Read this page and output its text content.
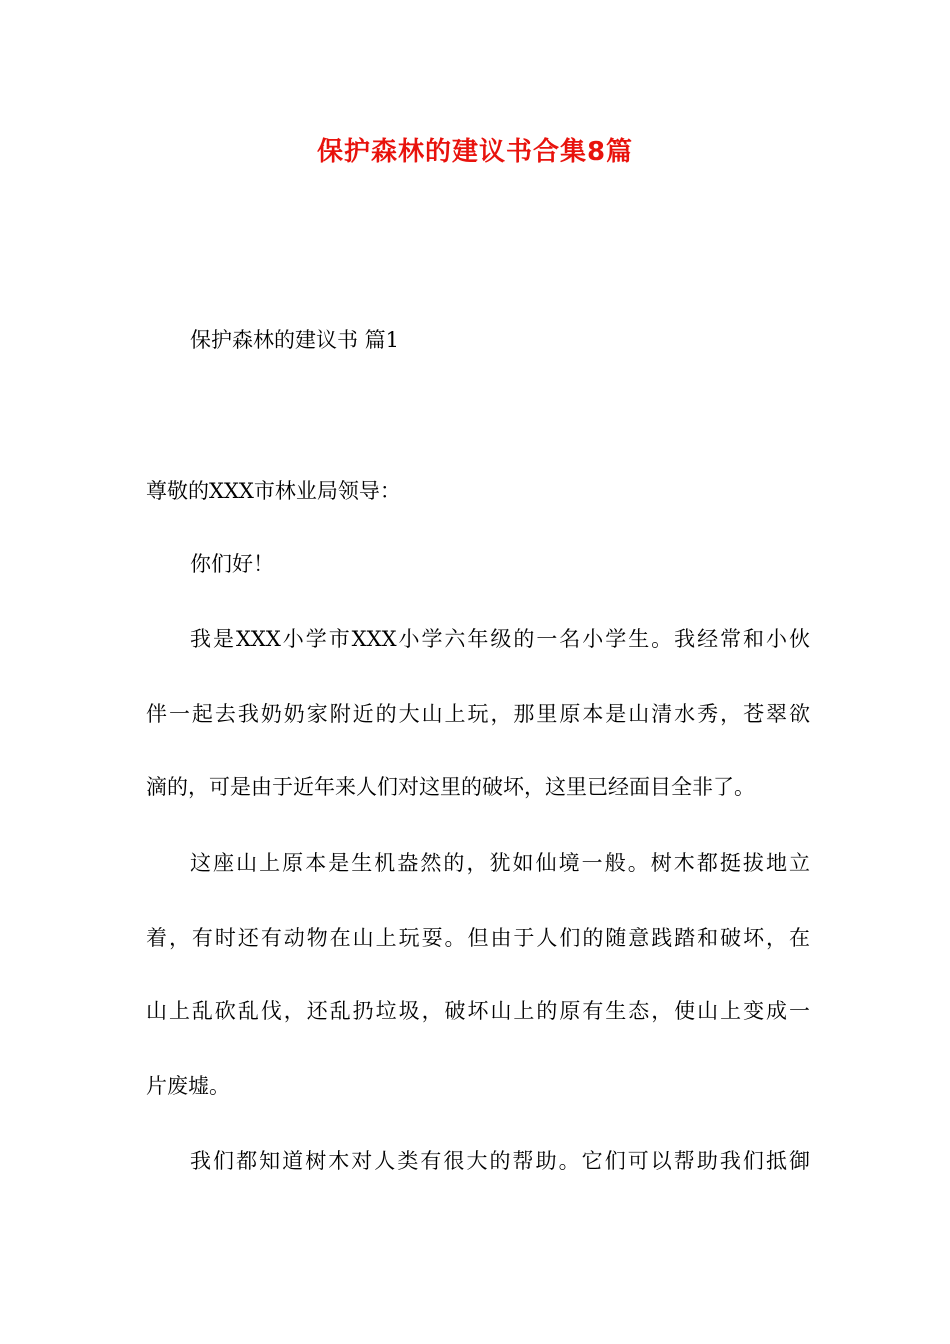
保护森林的建议书合集8篇
保护森林的建议书 篇1
尊敬的XXX市林业局领导：
你们好！
我是XXX小学市XXX小学六年级的一名小学生。我经常和小伙
伴一起去我奶奶家附近的大山上玩，那里原本是山清水秀，苍翠欲
滴的，可是由于近年来人们对这里的破坏，这里已经面目全非了。
这座山上原本是生机盎然的，犹如仙境一般。树木都挺拔地立
着，有时还有动物在山上玩耍。但由于人们的随意践踏和破坏，在
山上乱砍乱伐，还乱扔垃圾，破坏山上的原有生态，使山上变成一
片废墟。
我们都知道树木对人类有很大的帮助。它们可以帮助我们抵御
